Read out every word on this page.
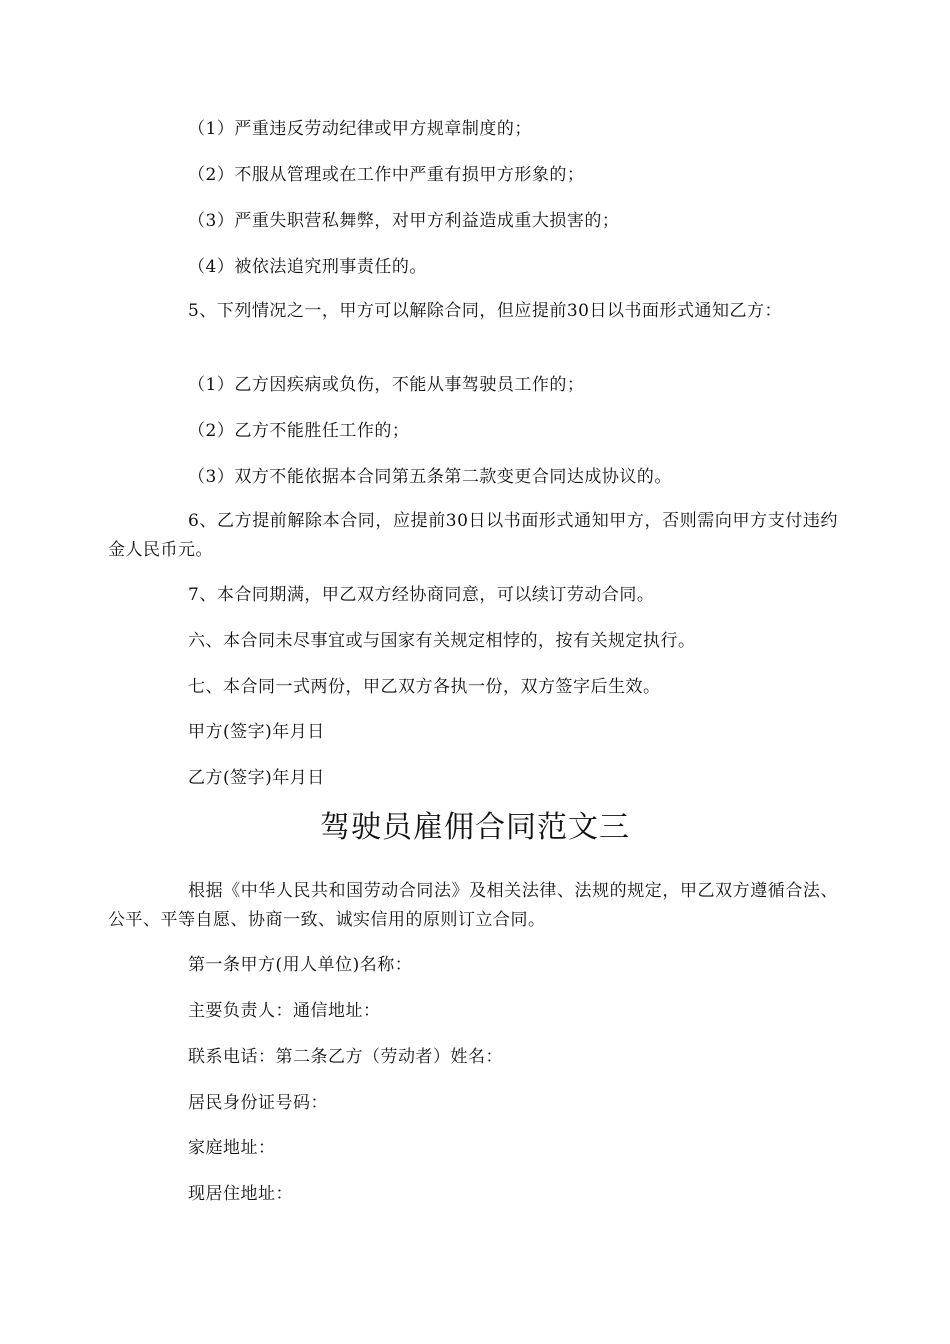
（1）严重违反劳动纪律或甲方规章制度的；
（2）不服从管理或在工作中严重有损甲方形象的；
（3）严重失职营私舞弊，对甲方利益造成重大损害的；
（4）被依法追究刑事责任的。
5、下列情况之一，甲方可以解除合同，但应提前30日以书面形式通知乙方：
（1）乙方因疾病或负伤，不能从事驾驶员工作的；
（2）乙方不能胜任工作的；
（3）双方不能依据本合同第五条第二款变更合同达成协议的。
6、乙方提前解除本合同，应提前30日以书面形式通知甲方，否则需向甲方支付违约金人民币元。
7、本合同期满，甲乙双方经协商同意，可以续订劳动合同。
六、本合同未尽事宜或与国家有关规定相悖的，按有关规定执行。
七、本合同一式两份，甲乙双方各执一份，双方签字后生效。
甲方(签字)年月日
乙方(签字)年月日
驾驶员雇佣合同范文三
根据《中华人民共和国劳动合同法》及相关法律、法规的规定，甲乙双方遵循合法、公平、平等自愿、协商一致、诚实信用的原则订立合同。
第一条甲方(用人单位)名称：
主要负责人：通信地址：
联系电话：第二条乙方（劳动者）姓名：
居民身份证号码：
家庭地址：
现居住地址：
